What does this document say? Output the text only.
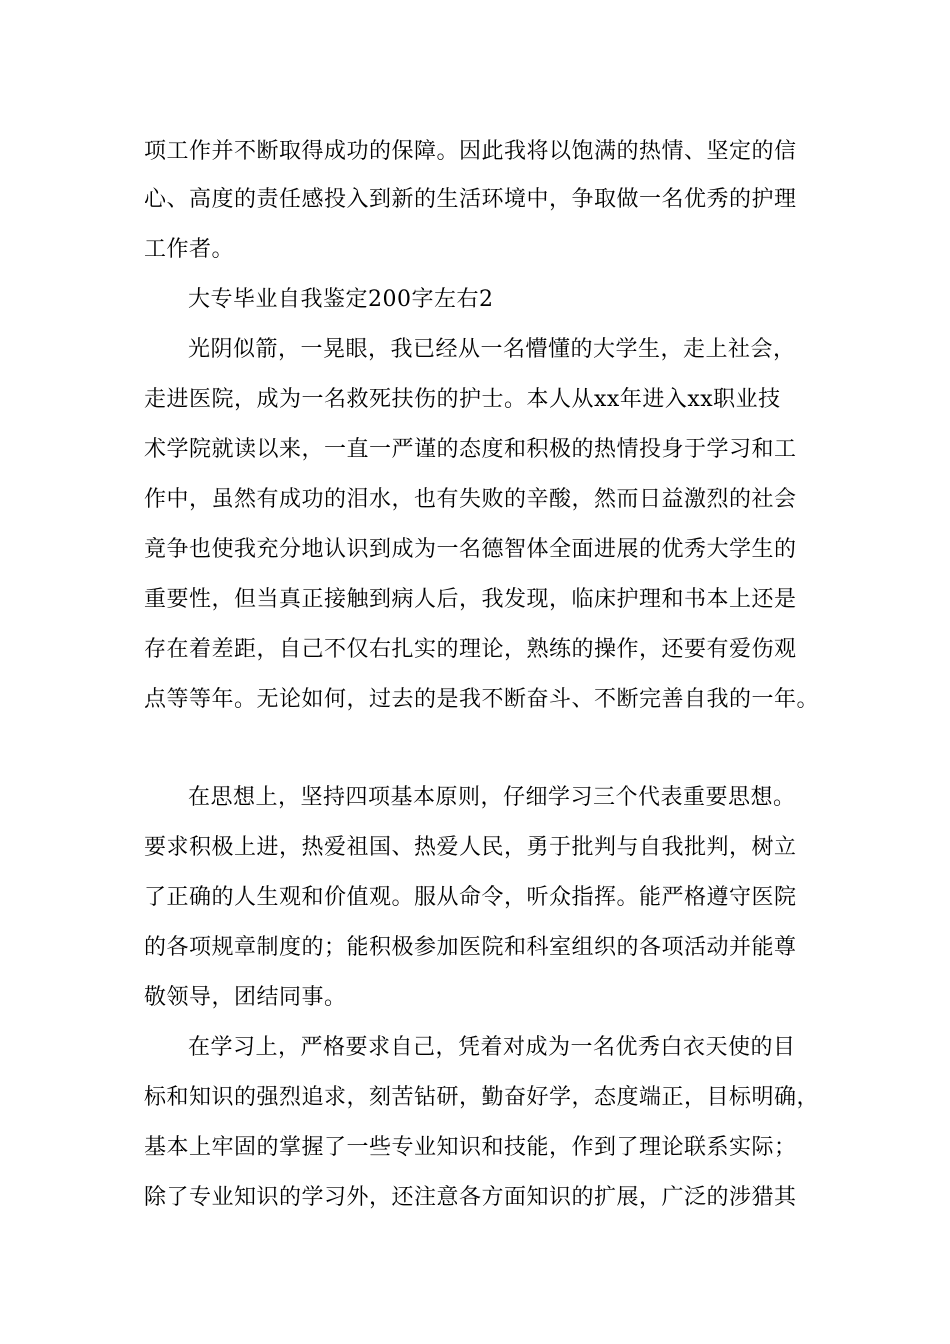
项工作并不断取得成功的保障。因此我将以饱满的热情、坚定的信
心、高度的责任感投入到新的生活环境中，争取做一名优秀的护理
工作者。
大专毕业自我鉴定200字左右2
光阴似箭，一晃眼，我已经从一名懵懂的大学生，走上社会，
走进医院，成为一名救死扶伤的护士。本人从xx年进入xx职业技
术学院就读以来，一直一严谨的态度和积极的热情投身于学习和工
作中，虽然有成功的泪水，也有失败的辛酸，然而日益激烈的社会
竟争也使我充分地认识到成为一名德智体全面进展的优秀大学生的
重要性，但当真正接触到病人后，我发现，临床护理和书本上还是
存在着差距，自己不仅右扎实的理论，熟练的操作，还要有爱伤观
点等等年。无论如何，过去的是我不断奋斗、不断完善自我的一年。
在思想上，坚持四项基本原则，仔细学习三个代表重要思想。
要求积极上进，热爱祖国、热爱人民，勇于批判与自我批判，树立
了正确的人生观和价值观。服从命令，听众指挥。能严格遵守医院
的各项规章制度的；能积极参加医院和科室组织的各项活动并能尊
敬领导，团结同事。
在学习上，严格要求自己，凭着对成为一名优秀白衣天使的目
标和知识的强烈追求，刻苦钻研，勤奋好学，态度端正，目标明确，
基本上牢固的掌握了一些专业知识和技能，作到了理论联系实际；
除了专业知识的学习外，还注意各方面知识的扩展，广泛的涉猎其
